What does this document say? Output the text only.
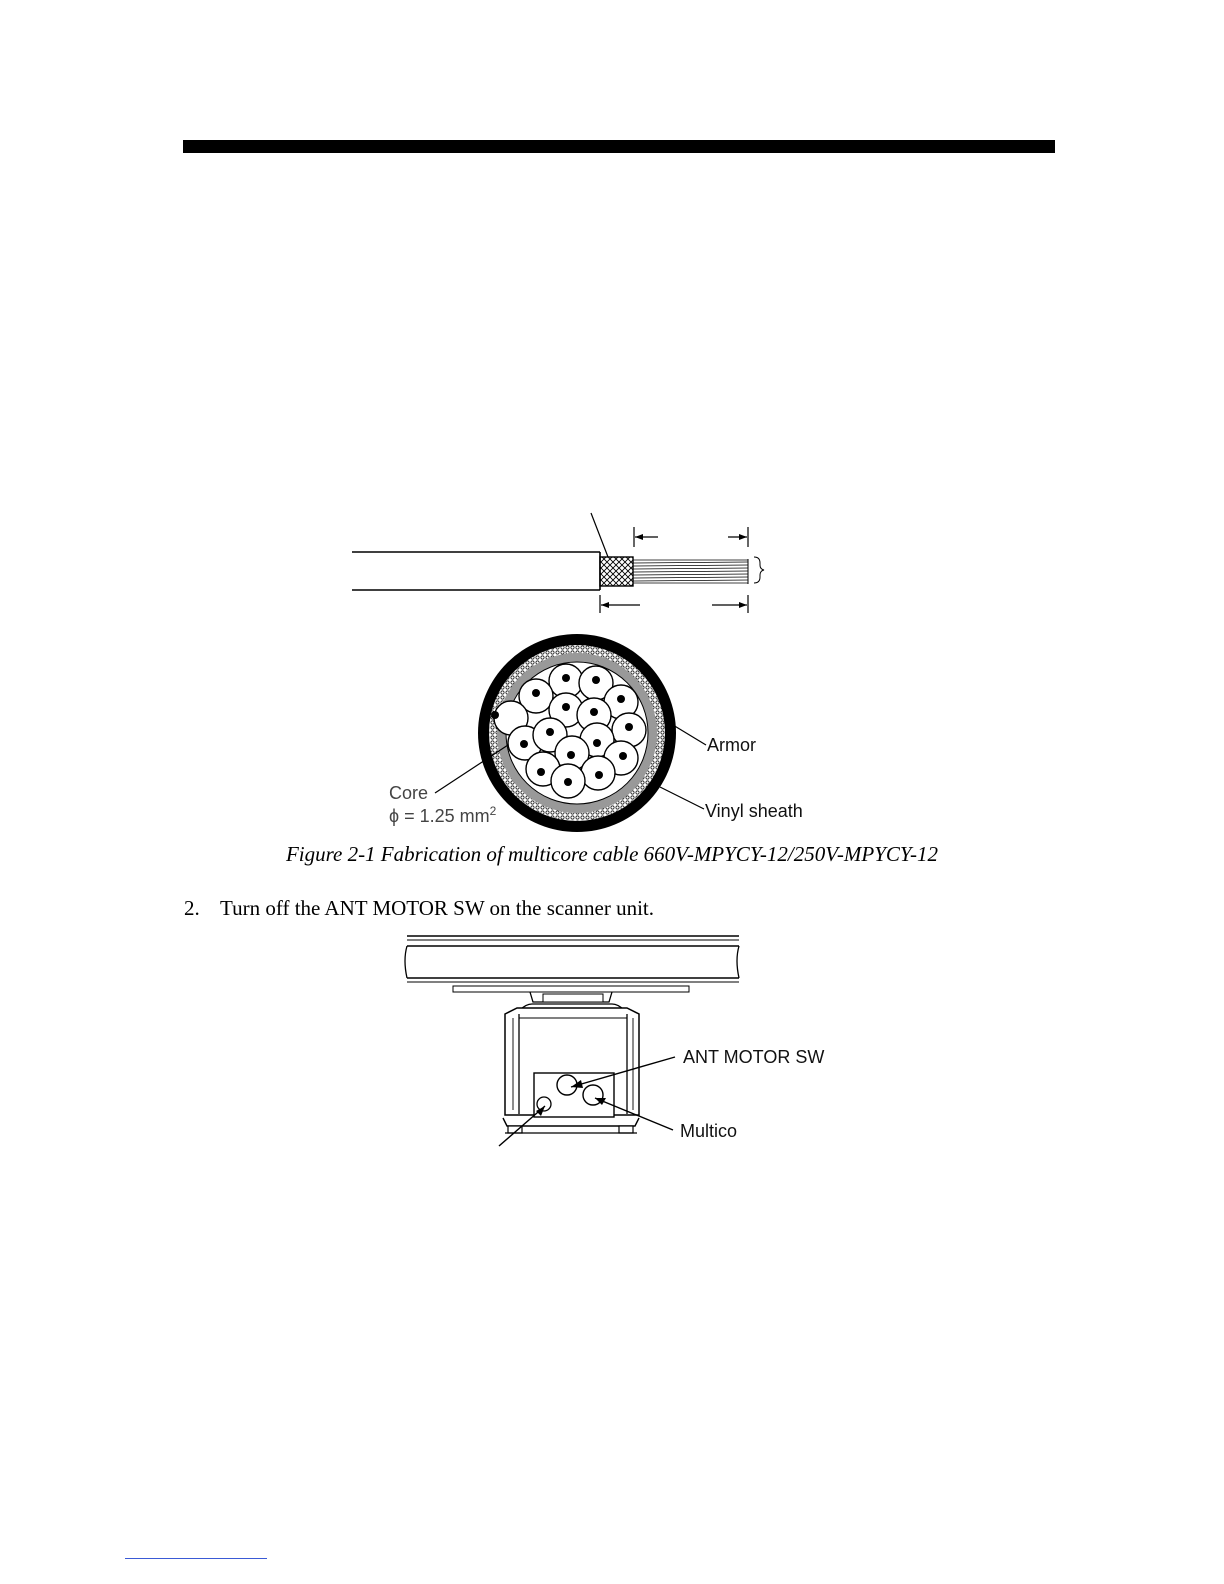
Armor
Vinyl sheath
Core
ϕ = 1.25 $mm^2$
Figure 2-1 Fabrication of multicore cable 660V-MPYCY-12/250V-MPYCY-12
2. Turn off the ANT MOTOR SW on the scanner unit.
ANT MOTOR SW
Multico
